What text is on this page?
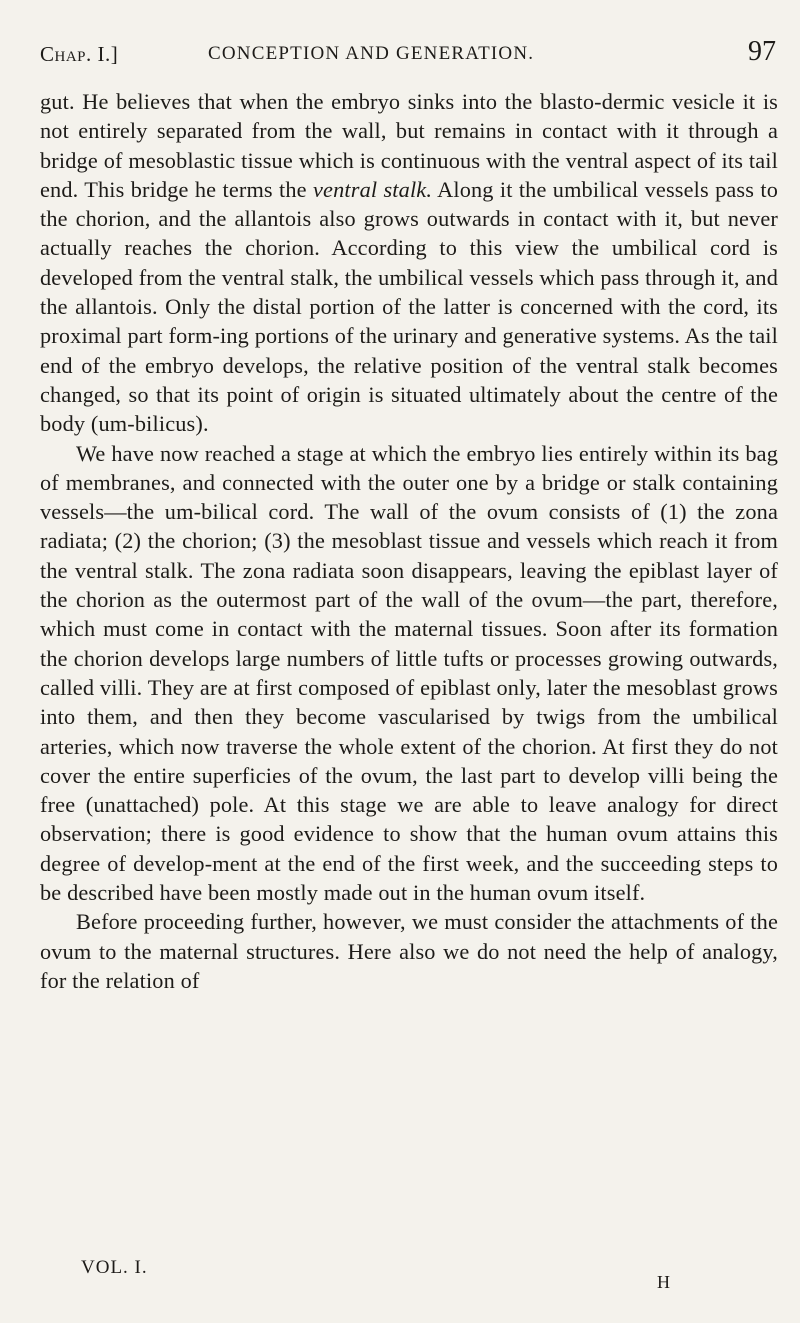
Chap. I.]	CONCEPTION AND GENERATION.	97

gut. He believes that when the embryo sinks into the blasto-dermic vesicle it is not entirely separated from the wall, but remains in contact with it through a bridge of mesoblastic tissue which is continuous with the ventral aspect of its tail end. This bridge he terms the ventral stalk. Along it the umbilical vessels pass to the chorion, and the allantois also grows outwards in contact with it, but never actually reaches the chorion. According to this view the umbilical cord is developed from the ventral stalk, the umbilical vessels which pass through it, and the allantois. Only the distal portion of the latter is concerned with the cord, its proximal part form-ing portions of the urinary and generative systems. As the tail end of the embryo develops, the relative position of the ventral stalk becomes changed, so that its point of origin is situated ultimately about the centre of the body (um-bilicus).

We have now reached a stage at which the embryo lies entirely within its bag of membranes, and connected with the outer one by a bridge or stalk containing vessels—the um-bilical cord. The wall of the ovum consists of (1) the zona radiata; (2) the chorion; (3) the mesoblast tissue and vessels which reach it from the ventral stalk. The zona radiata soon disappears, leaving the epiblast layer of the chorion as the outermost part of the wall of the ovum—the part, therefore, which must come in contact with the maternal tissues. Soon after its formation the chorion develops large numbers of little tufts or processes growing outwards, called villi. They are at first composed of epiblast only, later the mesoblast grows into them, and then they become vascularised by twigs from the umbilical arteries, which now traverse the whole extent of the chorion. At first they do not cover the entire superficies of the ovum, the last part to develop villi being the free (unattached) pole. At this stage we are able to leave analogy for direct observation; there is good evidence to show that the human ovum attains this degree of develop-ment at the end of the first week, and the succeeding steps to be described have been mostly made out in the human ovum itself.

Before proceeding further, however, we must consider the attachments of the ovum to the maternal structures. Here also we do not need the help of analogy, for the relation of

VOL. I.
H
